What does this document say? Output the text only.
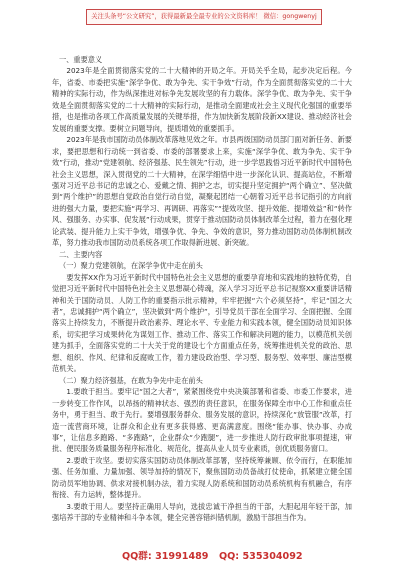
关注头条号“公文研究”，获得最新最全最专业的公文资料库！ 微信：gongwenyj

一、重要意义

2023年是全面贯彻落实党的二十大精神的开局之年。开局关乎全局，起步决定后程。今年，省委、市委把实施“深学争优、敢为争先、实干争效”行动，作为全面贯彻落实党的二十大精神的实际行动，作为纵深推进对标争先发展攻坚的有力载体。深学争优、敢为争先、实干争效是全面贯彻落实党的二十大精神的实际行动，是推动全面建成社会主义现代化强国的重要举措，也是推动各项工作高质量发展的关键举措，作为加快新发展阶段新XX建设、推动经济社会发展的重要支撑。要树立问题导向，提质增效的重要抓手。

2023年是我市国防动员体制改革落地见效之年。市县两级国防动员部门面对新任务、新要求，要把思想和行动统一到省委、市委的部署要求上来，实施“深学争优、敢为争先、实干争效”行动，推动“党建领航、经济强基、民生领先”行动，进一步学思践悟习近平新时代中国特色社会主义思想，深入贯彻党的二十大精神，在深学细悟中进一步深化认识、提高站位，不断增强对习近平总书记的忠诚之心、爱戴之情、拥护之志，切实提升坚定拥护“两个确立”、坚决做到“两个维护”的思想自觉政治自觉行动自觉，凝聚起团结一心朝着习近平总书记指引的方向前进的强大力量，要把实施“再学习、再调研、再落实”“提效攻坚、提升效能、提增效益”和“转作风、强服务、办实事、促发展”行动成果，贯穿于推动国防动员体制改革全过程，着力在强化理论武装、提升能力上实干争效，增强争优、争先、争效的意识，努力推动国防动员体制机制改革，努力推动我市国防动员系统各项工作取得新进展、新突破。

二、主要内容

（一）聚力党建领航，在深学争优中走在前头

要发挥XX作为习近平新时代中国特色社会主义思想的重要孕育地和实践地的独特优势，自觉把习近平新时代中国特色社会主义思想凝心铸魂，深入学习习近平总书记视察XX重要讲话精神和关于国防动员、人防工作的重要指示批示精神，牢牢把握“六个必须坚持”，牢记“国之大者”，忠诚拥护“两个确立”，坚决做到“两个维护”，引导党员干部在全面学习、全面把握、全面落实上持续发力，不断提升政治素养、理论水平、专业能力和实践本领，健全国防动员知识体系，切实把学习成果转化为谋划工作、推动工作、落实工作和解决问题的能力，以模范机关创建为抓手，全面落实党的二十大关于党的建设七个方面重点任务，统筹推进机关党的政治、思想、组织、作风、纪律和反腐败工作，着力建设政治型、学习型、服务型、效率型、廉洁型模范机关。

（二）聚力经济强基，在敢为争先中走在前头

1.要敢于担当。要牢记“国之大者”，紧紧围绕党中央决策部署和省委、市委工作要求，进一步转变工作作风，以昂扬的精神状态、强烈的责任意识，在服务保障全市中心工作和重点任务中，勇于担当、敢于先行。要增强服务群众、服务发展的意识，持续深化“放管服”改革，打造一流营商环境，让群众和企业有更多获得感、更高满意度。围绕“能办事、快办事、办成事”，让信息多跑路、“多跑路”，企业群众“少跑腿”，进一步推进人防行政审批事项提速，审批、便民服务质量服务程序标准化、规范化，提高从业人员专业素质，创优质服务窗口。

2.要敢于攻坚。要切实落实国防动员体制改革部署，坚持统筹兼顾、依令而行，在职能加强、任务加重、力量加强、领导加持的情况下，聚焦国防动员备战打仗使命，抓紧建立健全国防动员军地协调、供求对接机制办法，着力实现人防系统和国防动员系统机构有机融合，有序衔接、有力运转，整体提升。

3.要敢于用人。要坚持正确用人导向，选拔忠诚干净担当的干部，大胆起用年轻干部，加强培养干部的专业精神和斗争本领，健全完善容错纠错机制，激励干部担当作为。

QQ群: 31991489 QQ: 535304092
